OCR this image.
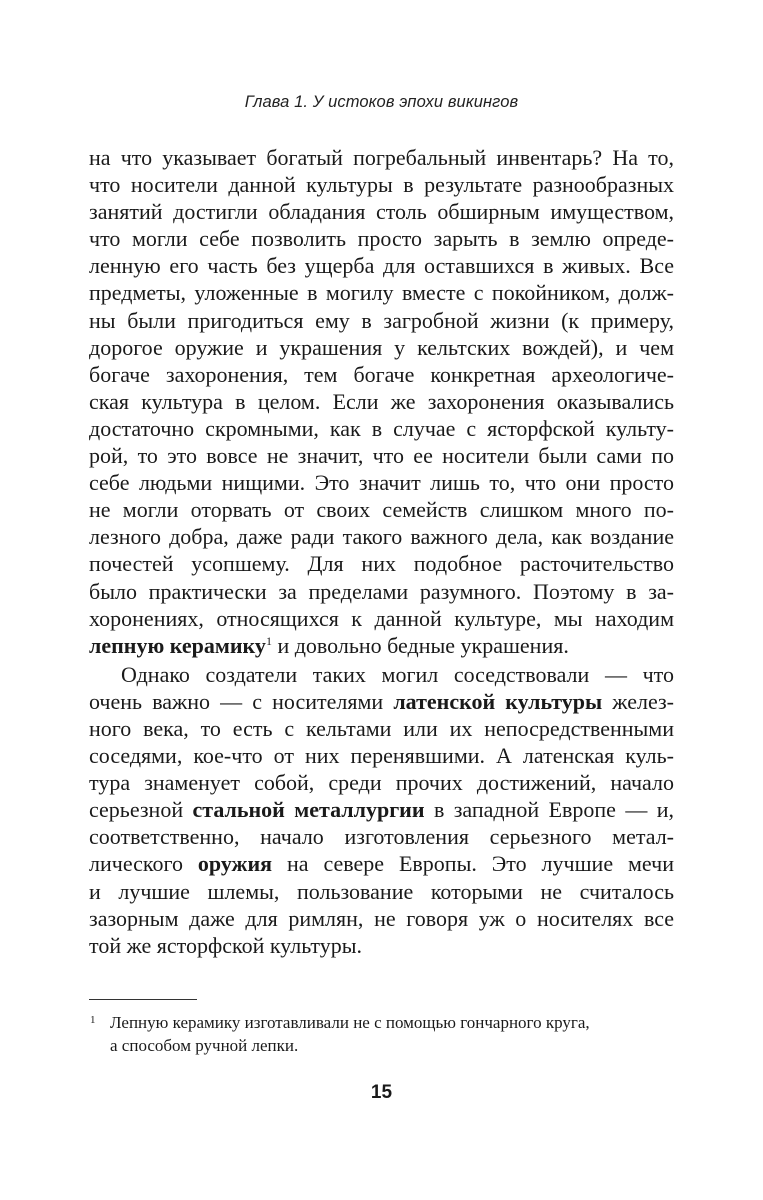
Глава 1. У истоков эпохи викингов
на что указывает богатый погребальный инвентарь? На то,
что носители данной культуры в результате разнообразных
занятий достигли обладания столь обширным имуществом,
что могли себе позволить просто зарыть в землю опреде-
ленную его часть без ущерба для оставшихся в живых. Все
предметы, уложенные в могилу вместе с покойником, долж-
ны были пригодиться ему в загробной жизни (к примеру,
дорогое оружие и украшения у кельтских вождей), и чем
богаче захоронения, тем богаче конкретная археологиче-
ская культура в целом. Если же захоронения оказывались
достаточно скромными, как в случае с ясторфской культу-
рой, то это вовсе не значит, что ее носители были сами по
себе людьми нищими. Это значит лишь то, что они просто
не могли оторвать от своих семейств слишком много по-
лезного добра, даже ради такого важного дела, как воздание
почестей усопшему. Для них подобное расточительство
было практически за пределами разумного. Поэтому в за-
хоронениях, относящихся к данной культуре, мы находим
лепную керамику$^1$ и довольно бедные украшения.
Однако создатели таких могил соседствовали — что
очень важно — с носителями латенской культуры желез-
ного века, то есть с кельтами или их непосредственными
соседями, кое-что от них перенявшими. А латенская куль-
тура знаменует собой, среди прочих достижений, начало
серьезной стальной металлургии в западной Европе — и,
соответственно, начало изготовления серьезного метал-
лического оружия на севере Европы. Это лучшие мечи
и лучшие шлемы, пользование которыми не считалось
зазорным даже для римлян, не говоря уж о носителях все
той же ясторфской культуры.
1 Лепную керамику изготавливали не с помощью гончарного круга,
а способом ручной лепки.
15
